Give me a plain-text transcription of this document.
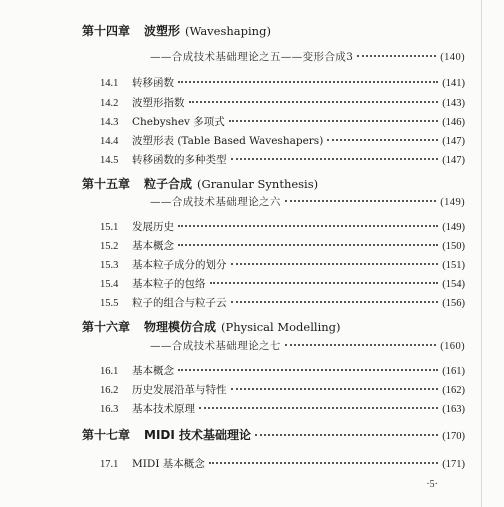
第十四章	波塑形 (Waveshaping)
——合成技术基础理论之五——变形合成3	(140)
14.1	转移函数	(141)
14.2	波塑形指数	(143)
14.3	Chebyshev 多项式	(146)
14.4	波塑形表 (Table Based Waveshapers)	(147)
14.5	转移函数的多种类型	(147)
第十五章	粒子合成 (Granular Synthesis)
——合成技术基础理论之六	(149)
15.1	发展历史	(149)
15.2	基本概念	(150)
15.3	基本粒子成分的划分	(151)
15.4	基本粒子的包络	(154)
15.5	粒子的组合与粒子云	(156)
第十六章	物理模仿合成 (Physical Modelling)
——合成技术基础理论之七	(160)
16.1	基本概念	(161)
16.2	历史发展沿革与特性	(162)
16.3	基本技术原理	(163)
第十七章	MIDI 技术基础理论	(170)
17.1	MIDI 基本概念	(171)
·5·
